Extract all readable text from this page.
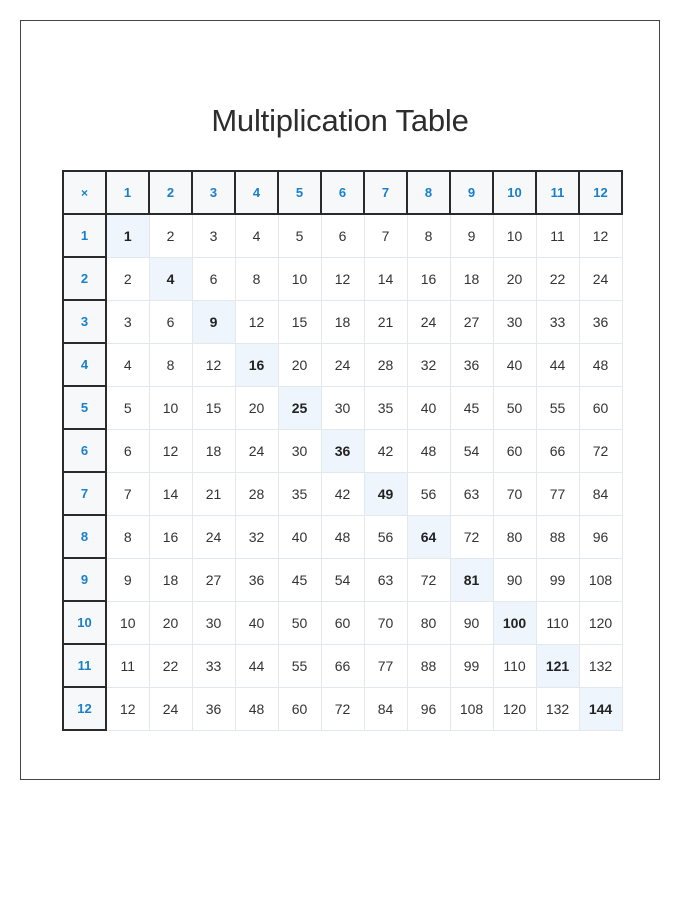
Multiplication Table
×	1	2	3	4	5	6	7	8	9	10	11	12
1	1	2	3	4	5	6	7	8	9	10	11	12
2	2	4	6	8	10	12	14	16	18	20	22	24
3	3	6	9	12	15	18	21	24	27	30	33	36
4	4	8	12	16	20	24	28	32	36	40	44	48
5	5	10	15	20	25	30	35	40	45	50	55	60
6	6	12	18	24	30	36	42	48	54	60	66	72
7	7	14	21	28	35	42	49	56	63	70	77	84
8	8	16	24	32	40	48	56	64	72	80	88	96
9	9	18	27	36	45	54	63	72	81	90	99	108
10	10	20	30	40	50	60	70	80	90	100	110	120
11	11	22	33	44	55	66	77	88	99	110	121	132
12	12	24	36	48	60	72	84	96	108	120	132	144
